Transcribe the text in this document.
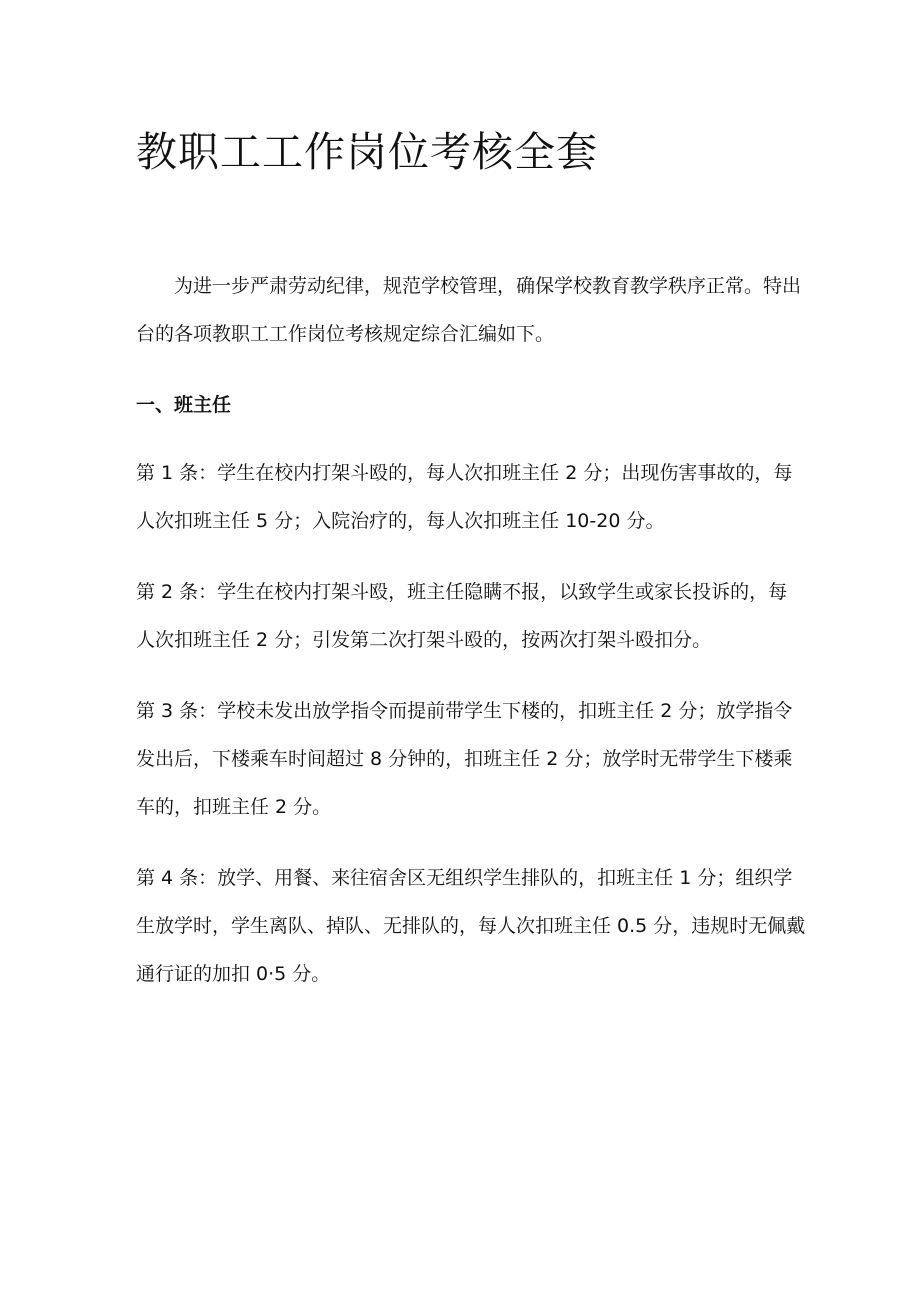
教职工工作岗位考核全套

为进一步严肃劳动纪律，规范学校管理，确保学校教育教学秩序正常。特出台的各项教职工工作岗位考核规定综合汇编如下。

一、班主任

第 1 条：学生在校内打架斗殴的，每人次扣班主任 2 分；出现伤害事故的，每人次扣班主任 5 分；入院治疗的，每人次扣班主任 10-20 分。

第 2 条：学生在校内打架斗殴，班主任隐瞒不报，以致学生或家长投诉的，每人次扣班主任 2 分；引发第二次打架斗殴的，按两次打架斗殴扣分。

第 3 条：学校未发出放学指令而提前带学生下楼的，扣班主任 2 分；放学指令发出后，下楼乘车时间超过 8 分钟的，扣班主任 2 分；放学时无带学生下楼乘车的，扣班主任 2 分。

第 4 条：放学、用餐、来往宿舍区无组织学生排队的，扣班主任 1 分；组织学生放学时，学生离队、掉队、无排队的，每人次扣班主任 0.5 分，违规时无佩戴通行证的加扣 0·5 分。
